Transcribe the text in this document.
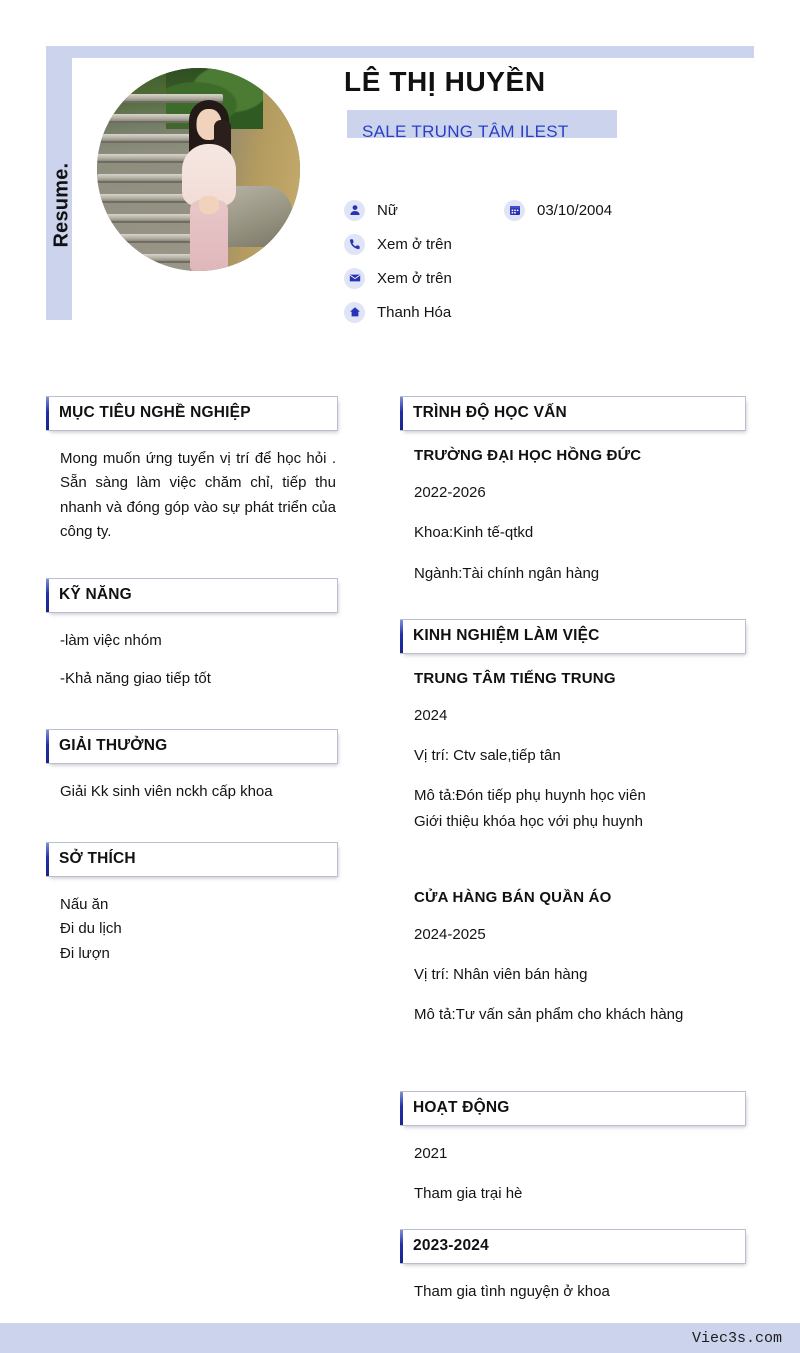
Resume.
LÊ THỊ HUYỀN
SALE TRUNG TÂM ILEST
Nữ	03/10/2004
Xem ở trên
Xem ở trên
Thanh Hóa
MỤC TIÊU NGHỀ NGHIỆP

Mong muốn ứng tuyển vị trí để học hỏi . Sẵn sàng làm việc chăm chỉ, tiếp thu nhanh và đóng góp vào sự phát triển của công ty.

KỸ NĂNG
-làm việc nhóm
-Khả năng giao tiếp tốt
GIẢI THƯỞNG
Giải Kk sinh viên nckh cấp khoa
SỞ THÍCH
Nấu ăn
Đi du lịch
Đi lượn
TRÌNH ĐỘ HỌC VẤN
TRƯỜNG ĐẠI HỌC HỒNG ĐỨC
2022-2026
Khoa:Kinh tế-qtkd
Ngành:Tài chính ngân hàng
KINH NGHIỆM LÀM VIỆC
TRUNG TÂM TIẾNG TRUNG
2024
Vị trí: Ctv sale,tiếp tân
Mô tả:Đón tiếp phụ huynh học viên
Giới thiệu khóa học với phụ huynh
CỬA HÀNG BÁN QUẦN ÁO
2024-2025
Vị trí: Nhân viên bán hàng
Mô tả:Tư vấn sản phẩm cho khách hàng
HOẠT ĐỘNG
2021
Tham gia trại hè
2023-2024
Tham gia tình nguyện ở khoa
Viec3s.com
